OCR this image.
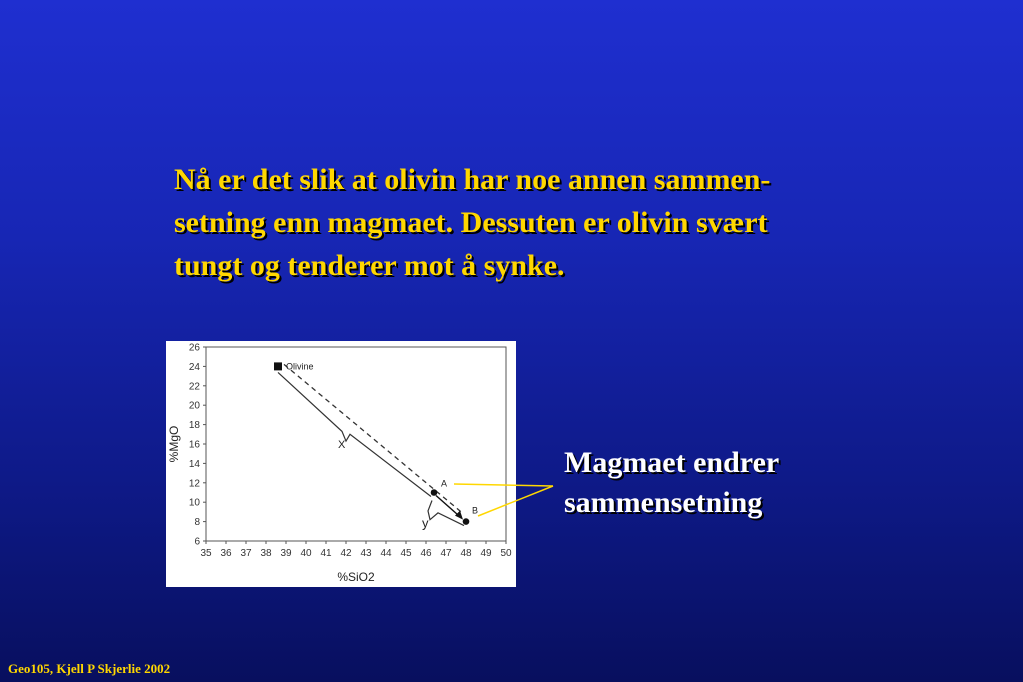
Nå er det slik at olivin har noe annen sammen-
setning enn magmaet. Dessuten er olivin svært
tungt og tenderer mot å synke.
35 36 37 38 39 40 41 42 43 44 45 46 47 48 49 50
6
8
10
12
14
16
18
20
22
24
26
%SiO2
%MgO	X
y
Olivine
A
B
Magmaet endrer
sammensetning
Geo105, Kjell P Skjerlie 2002
